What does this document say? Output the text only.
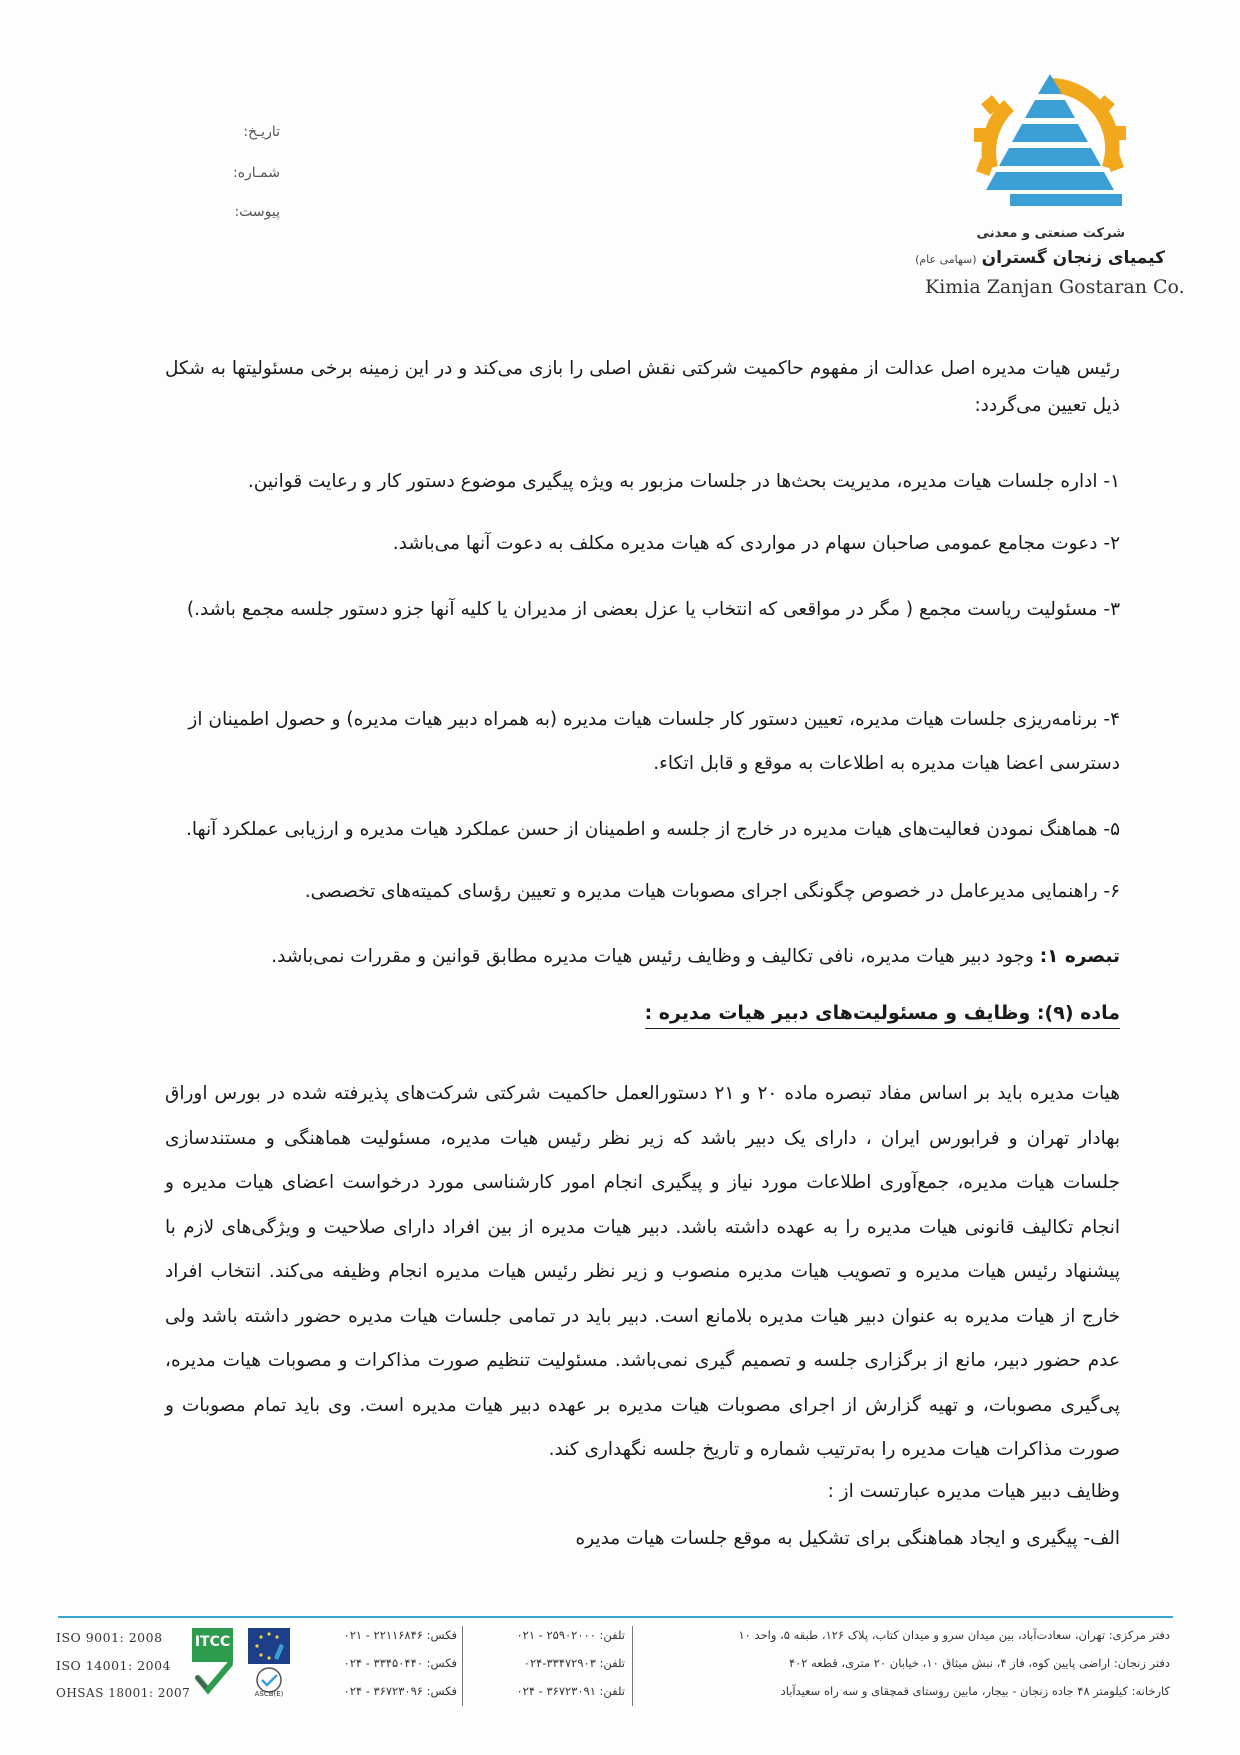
تاریـخ:
شمـاره:
پیوست:
شرکت صنعتی و معدنی
کیمیای زنجان گستران (سهامی عام)
Kimia Zanjan Gostaran Co.
رئیس هیات مدیره اصل عدالت از مفهوم حاکمیت شرکتی نقش اصلی را بازی می‌کند و در این زمینه برخی مسئولیتها به شکل ذیل تعیین می‌گردد:
۱- اداره جلسات هیات مدیره، مدیریت بحث‌ها در جلسات مزبور به ویژه پیگیری موضوع دستور کار و رعایت قوانین.
۲- دعوت مجامع عمومی صاحبان سهام در مواردی که هیات مدیره مکلف به دعوت آنها می‌باشد.
۳- مسئولیت ریاست مجمع ( مگر در مواقعی که انتخاب یا عزل بعضی از مدیران یا کلیه آنها جزو دستور جلسه مجمع باشد.)
۴- برنامه‌ریزی جلسات هیات مدیره، تعیین دستور کار جلسات هیات مدیره (به همراه دبیر هیات مدیره) و حصول اطمینان از دسترسی اعضا هیات مدیره به اطلاعات به موقع و قابل اتکاء.
۵- هماهنگ نمودن فعالیت‌های هیات مدیره در خارج از جلسه و اطمینان از حسن عملکرد هیات مدیره و ارزیابی عملکرد آنها.
۶- راهنمایی مدیرعامل در خصوص چگونگی اجرای مصوبات هیات مدیره و تعیین رؤسای کمیته‌های تخصصی.
تبصره ۱: وجود دبیر هیات مدیره، نافی تکالیف و وظایف رئیس هیات مدیره مطابق قوانین و مقررات نمی‌باشد.
ماده (۹): وظایف و مسئولیت‌های دبیر هیات مدیره :
هیات مدیره باید بر اساس مفاد تبصره ماده ۲۰ و ۲۱ دستورالعمل حاکمیت شرکتی شرکت‌های پذیرفته شده در بورس اوراق بهادار تهران و فرابورس ایران ، دارای یک دبیر باشد که زیر نظر رئیس هیات مدیره، مسئولیت هماهنگی و مستندسازی جلسات هیات مدیره، جمع‌آوری اطلاعات مورد نیاز و پیگیری انجام امور کارشناسی مورد درخواست اعضای هیات مدیره و انجام تکالیف قانونی هیات مدیره را به عهده داشته باشد. دبیر هیات مدیره از بین افراد دارای صلاحیت و ویژگی‌های لازم با پیشنهاد رئیس هیات مدیره و تصویب هیات مدیره منصوب و زیر نظر رئیس هیات مدیره انجام وظیفه می‌کند. انتخاب افراد خارج از هیات مدیره به عنوان دبیر هیات مدیره بلامانع است. دبیر باید در تمامی جلسات هیات مدیره حضور داشته باشد ولی عدم حضور دبیر، مانع از برگزاری جلسه و تصمیم گیری نمی‌باشد. مسئولیت تنظیم صورت مذاکرات و مصوبات هیات مدیره، پی‌گیری مصوبات، و تهیه گزارش از اجرای مصوبات هیات مدیره بر عهده دبیر هیات مدیره است. وی باید تمام مصوبات و صورت مذاکرات هیات مدیره را به‌ترتیب شماره و تاریخ جلسه نگهداری کند.
وظایف دبیر هیات مدیره عبارتست از :
الف- پیگیری و ایجاد هماهنگی برای تشکیل به موقع جلسات هیات مدیره
دفتر مرکزی: تهران، سعادت‌آباد، بین میدان سرو و میدان کتاب، پلاک ۱۲۶، طبقه ۵، واحد ۱۰
دفتر زنجان: اراضی پایین کوه، فاز ۴، نبش میثاق ۱۰، خیابان ۲۰ متری، قطعه ۴۰۲
کارخانه: کیلومتر ۴۸ جاده زنجان - بیجار، مابین روستای قمچقای و سه راه سعیدآباد
تلفن: ۲۵۹۰۲۰۰۰ - ۰۲۱
تلفن: ۳۳۴۷۲۹۰۳-۰۲۴
تلفن: ۳۶۷۲۳۰۹۱ - ۰۲۴
فکس: ۲۲۱۱۶۸۴۶ - ۰۲۱
فکس: ۳۳۴۵۰۴۴۰ - ۰۲۴
فکس: ۳۶۷۲۳۰۹۶ - ۰۲۴
ASCB(E)
ITCC
ISO 9001: 2008
ISO 14001: 2004
OHSAS 18001: 2007
